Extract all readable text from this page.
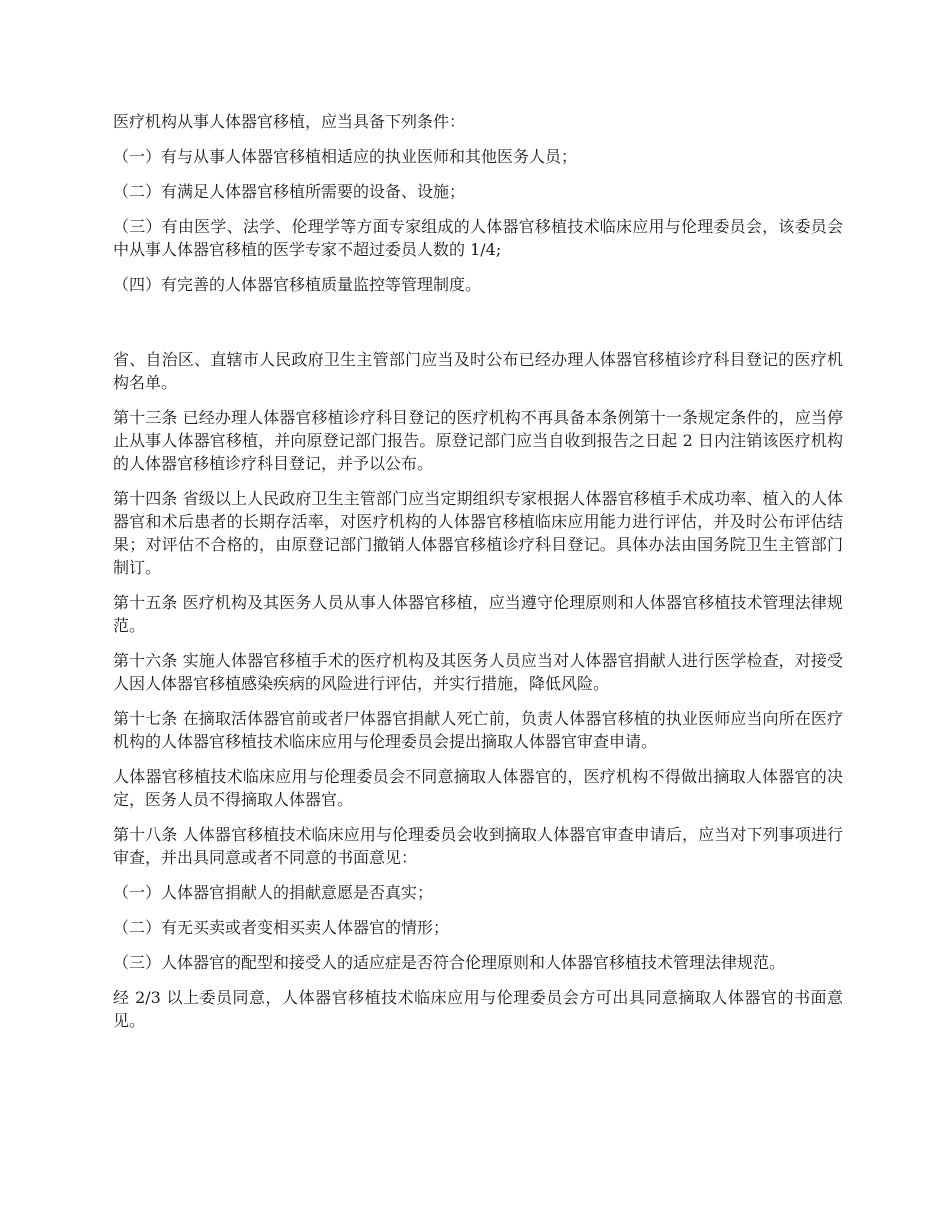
医疗机构从事人体器官移植，应当具备下列条件：

（一）有与从事人体器官移植相适应的执业医师和其他医务人员；

（二）有满足人体器官移植所需要的设备、设施；

（三）有由医学、法学、伦理学等方面专家组成的人体器官移植技术临床应用与伦理委员会，该委员会中从事人体器官移植的医学专家不超过委员人数的 1/4;

（四）有完善的人体器官移植质量监控等管理制度。

省、自治区、直辖市人民政府卫生主管部门应当及时公布已经办理人体器官移植诊疗科目登记的医疗机构名单。

第十三条 已经办理人体器官移植诊疗科目登记的医疗机构不再具备本条例第十一条规定条件的，应当停止从事人体器官移植，并向原登记部门报告。原登记部门应当自收到报告之日起 2 日内注销该医疗机构的人体器官移植诊疗科目登记，并予以公布。

第十四条 省级以上人民政府卫生主管部门应当定期组织专家根据人体器官移植手术成功率、植入的人体器官和术后患者的长期存活率，对医疗机构的人体器官移植临床应用能力进行评估，并及时公布评估结果；对评估不合格的，由原登记部门撤销人体器官移植诊疗科目登记。具体办法由国务院卫生主管部门制订。

第十五条 医疗机构及其医务人员从事人体器官移植，应当遵守伦理原则和人体器官移植技术管理法律规范。

第十六条 实施人体器官移植手术的医疗机构及其医务人员应当对人体器官捐献人进行医学检查，对接受人因人体器官移植感染疾病的风险进行评估，并实行措施，降低风险。

第十七条 在摘取活体器官前或者尸体器官捐献人死亡前，负责人体器官移植的执业医师应当向所在医疗机构的人体器官移植技术临床应用与伦理委员会提出摘取人体器官审查申请。

人体器官移植技术临床应用与伦理委员会不同意摘取人体器官的，医疗机构不得做出摘取人体器官的决定，医务人员不得摘取人体器官。

第十八条 人体器官移植技术临床应用与伦理委员会收到摘取人体器官审查申请后，应当对下列事项进行审查，并出具同意或者不同意的书面意见：

（一）人体器官捐献人的捐献意愿是否真实；

（二）有无买卖或者变相买卖人体器官的情形；

（三）人体器官的配型和接受人的适应症是否符合伦理原则和人体器官移植技术管理法律规范。

经 2/3 以上委员同意，人体器官移植技术临床应用与伦理委员会方可出具同意摘取人体器官的书面意见。
